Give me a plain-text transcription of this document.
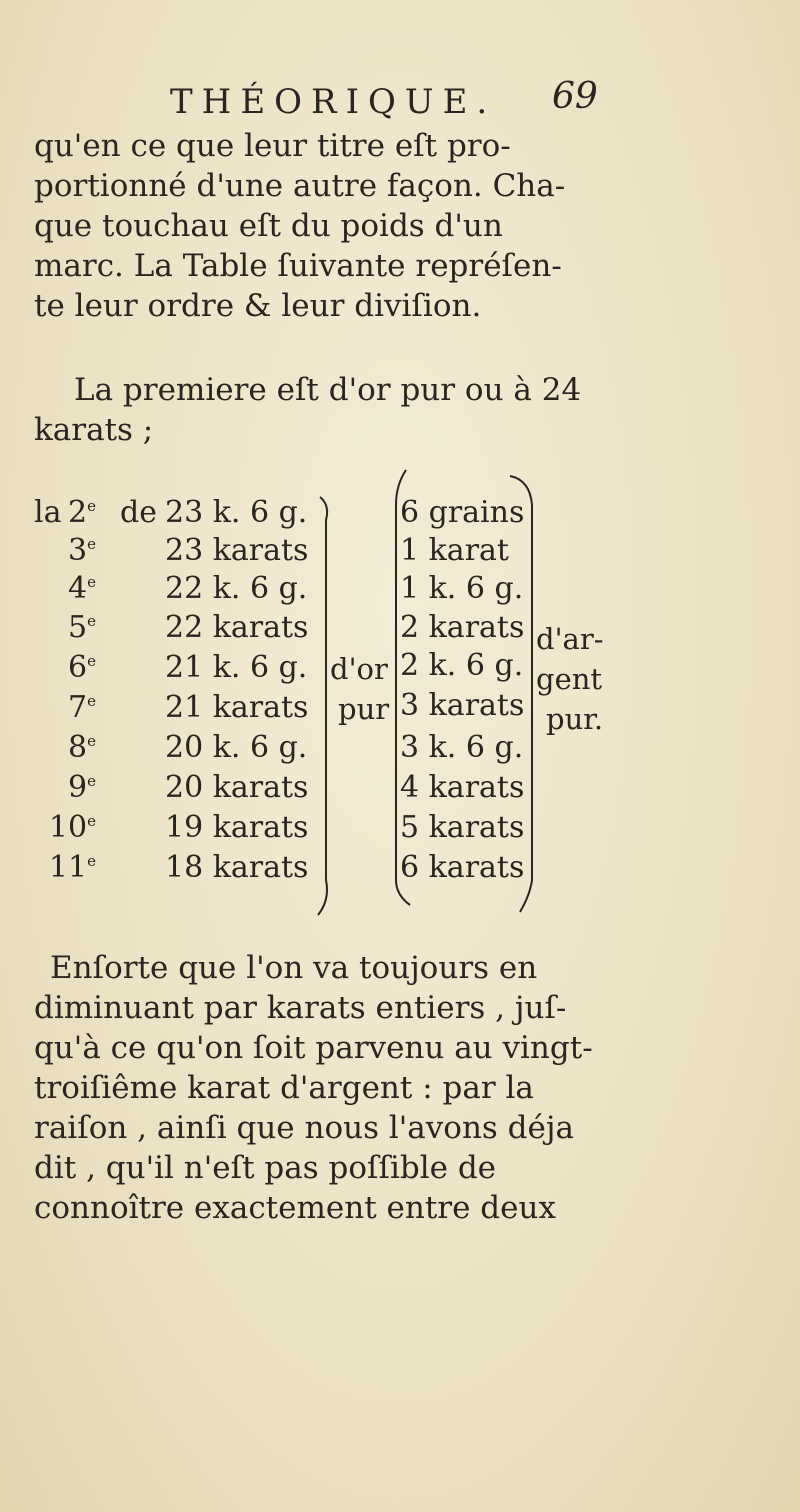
THÉORIQUE. 69
qu'en ce que leur titre eſt pro-
portionné d'une autre façon. Cha-
que touchau eſt du poids d'un
marc. La Table ſuivante repréſen-
te leur ordre & leur diviſion.
La premiere eſt d'or pur ou à 24
karats ;
la de
2e
3e
4e
5e
6e
7e
8e
9e
10e
11e
23 k. 6 g.
23 karats
22 k. 6 g.
22 karats
21 k. 6 g.
21 karats
20 k. 6 g.
20 karats
19 karats
18 karats
d'or
pur
6 grains
1 karat
1 k. 6 g.
2 karats
2 k. 6 g.
3 karats
3 k. 6 g.
4 karats
5 karats
6 karats
d'ar-
gent
pur.
Enſorte que l'on va toujours en
diminuant par karats entiers , juſ-
qu'à ce qu'on ſoit parvenu au vingt-
troiſiême karat d'argent : par la
raiſon , ainſi que nous l'avons déja
dit , qu'il n'eſt pas poſſible de
connoître exactement entre deux
